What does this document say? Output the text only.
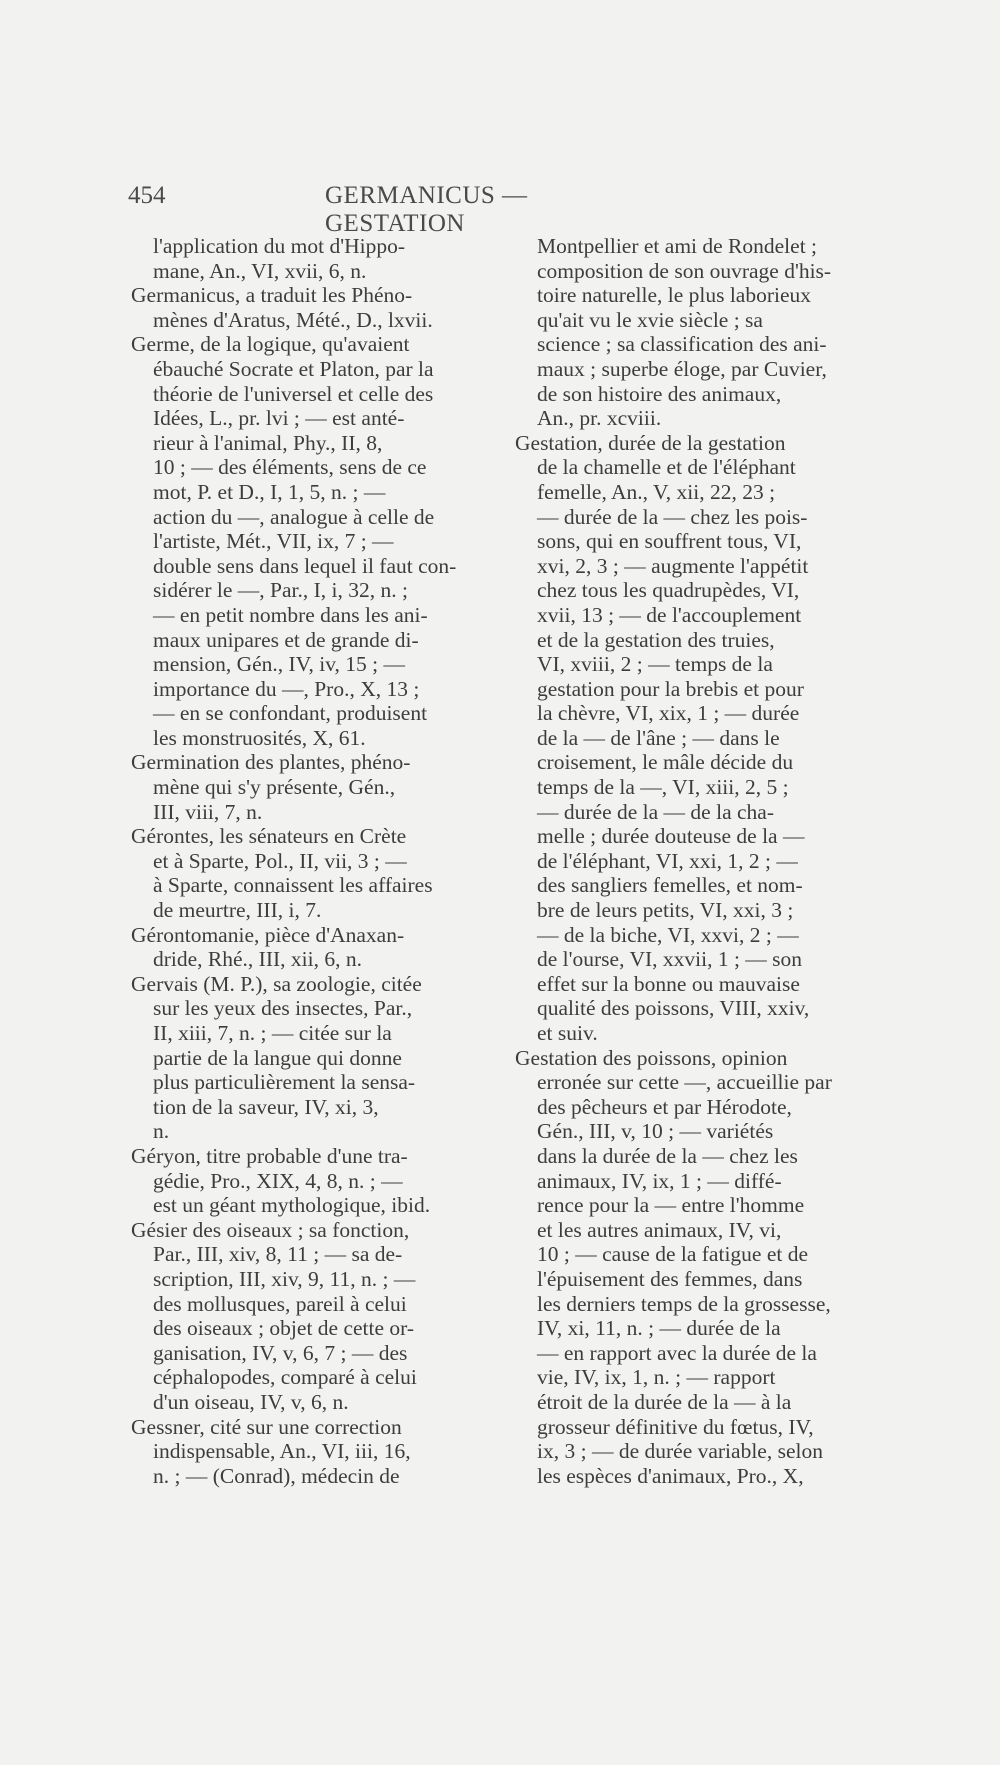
454	GERMANICUS — GESTATION
l'application du mot d'Hippo-
mane, An., VI, xvii, 6, n.
Germanicus, a traduit les Phéno-
mènes d'Aratus, Mété., D., lxvii.
Germe, de la logique, qu'avaient
ébauché Socrate et Platon, par la
théorie de l'universel et celle des
Idées, L., pr. lvi ; — est anté-
rieur à l'animal, Phy., II, 8,
10 ; — des éléments, sens de ce
mot, P. et D., I, 1, 5, n. ; —
action du —, analogue à celle de
l'artiste, Mét., VII, ix, 7 ; —
double sens dans lequel il faut con-
sidérer le —, Par., I, i, 32, n. ;
— en petit nombre dans les ani-
maux unipares et de grande di-
mension, Gén., IV, iv, 15 ; —
importance du —, Pro., X, 13 ;
— en se confondant, produisent
les monstruosités, X, 61.
Germination des plantes, phéno-
mène qui s'y présente, Gén.,
III, viii, 7, n.
Gérontes, les sénateurs en Crète
et à Sparte, Pol., II, vii, 3 ; —
à Sparte, connaissent les affaires
de meurtre, III, i, 7.
Gérontomanie, pièce d'Anaxan-
dride, Rhé., III, xii, 6, n.
Gervais (M. P.), sa zoologie, citée
sur les yeux des insectes, Par.,
II, xiii, 7, n. ; — citée sur la
partie de la langue qui donne
plus particulièrement la sensa-
tion de la saveur, IV, xi, 3,
n.
Géryon, titre probable d'une tra-
gédie, Pro., XIX, 4, 8, n. ; —
est un géant mythologique, ibid.
Gésier des oiseaux ; sa fonction,
Par., III, xiv, 8, 11 ; — sa de-
scription, III, xiv, 9, 11, n. ; —
des mollusques, pareil à celui
des oiseaux ; objet de cette or-
ganisation, IV, v, 6, 7 ; — des
céphalopodes, comparé à celui
d'un oiseau, IV, v, 6, n.
Gessner, cité sur une correction
indispensable, An., VI, iii, 16,
n. ; — (Conrad), médecin de
Montpellier et ami de Rondelet ;
composition de son ouvrage d'his-
toire naturelle, le plus laborieux
qu'ait vu le xvie siècle ; sa
science ; sa classification des ani-
maux ; superbe éloge, par Cuvier,
de son histoire des animaux,
An., pr. xcviii.
Gestation, durée de la gestation
de la chamelle et de l'éléphant
femelle, An., V, xii, 22, 23 ;
— durée de la — chez les pois-
sons, qui en souffrent tous, VI,
xvi, 2, 3 ; — augmente l'appétit
chez tous les quadrupèdes, VI,
xvii, 13 ; — de l'accouplement
et de la gestation des truies,
VI, xviii, 2 ; — temps de la
gestation pour la brebis et pour
la chèvre, VI, xix, 1 ; — durée
de la — de l'âne ; — dans le
croisement, le mâle décide du
temps de la —, VI, xiii, 2, 5 ;
— durée de la — de la cha-
melle ; durée douteuse de la —
de l'éléphant, VI, xxi, 1, 2 ; —
des sangliers femelles, et nom-
bre de leurs petits, VI, xxi, 3 ;
— de la biche, VI, xxvi, 2 ; —
de l'ourse, VI, xxvii, 1 ; — son
effet sur la bonne ou mauvaise
qualité des poissons, VIII, xxiv,
et suiv.
Gestation des poissons, opinion
erronée sur cette —, accueillie par
des pêcheurs et par Hérodote,
Gén., III, v, 10 ; — variétés
dans la durée de la — chez les
animaux, IV, ix, 1 ; — diffé-
rence pour la — entre l'homme
et les autres animaux, IV, vi,
10 ; — cause de la fatigue et de
l'épuisement des femmes, dans
les derniers temps de la grossesse,
IV, xi, 11, n. ; — durée de la
— en rapport avec la durée de la
vie, IV, ix, 1, n. ; — rapport
étroit de la durée de la — à la
grosseur définitive du fœtus, IV,
ix, 3 ; — de durée variable, selon
les espèces d'animaux, Pro., X,
